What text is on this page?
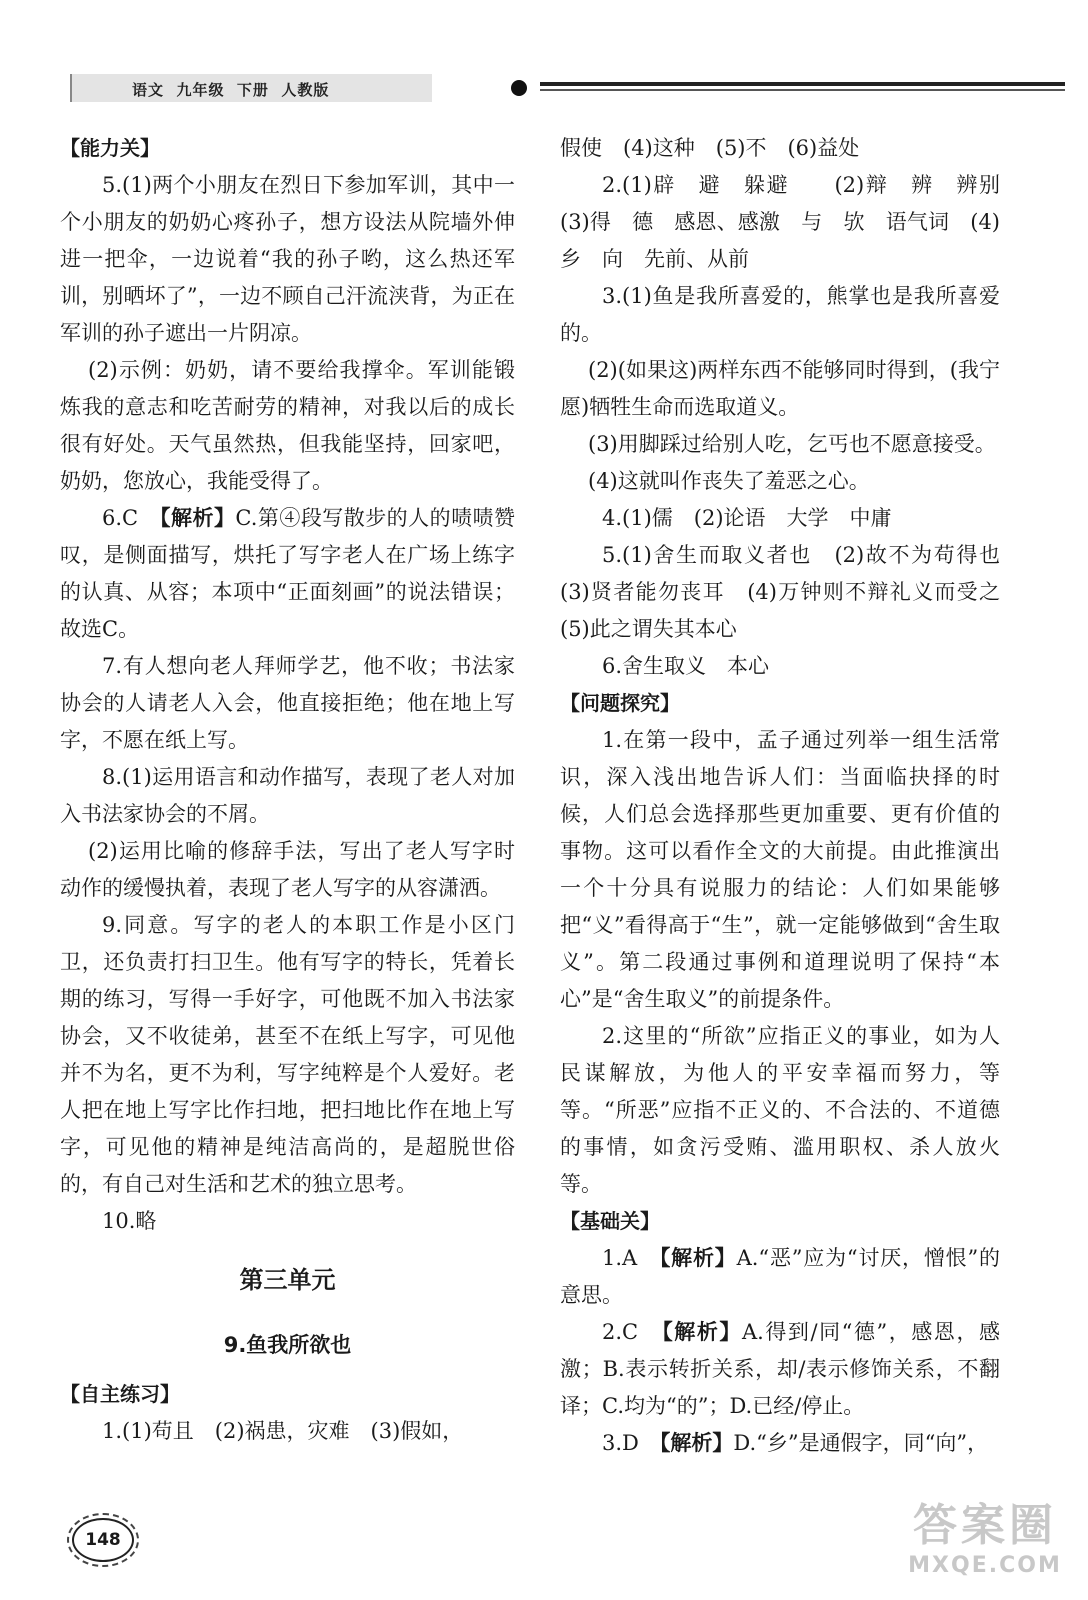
语文  九年级  下册  人教版

【能力关】

5.(1)两个小朋友在烈日下参加军训，其中一个小朋友的奶奶心疼孙子，想方设法从院墙外伸进一把伞，一边说着“我的孙子哟，这么热还军训，别晒坏了”，一边不顾自己汗流浃背，为正在军训的孙子遮出一片阴凉。

(2)示例：奶奶，请不要给我撑伞。军训能锻炼我的意志和吃苦耐劳的精神，对我以后的成长很有好处。天气虽然热，但我能坚持，回家吧，奶奶，您放心，我能受得了。

6.C　 【解析】C.第④段写散步的人的啧啧赞叹，是侧面描写，烘托了写字老人在广场上练字的认真、从容；本项中“正面刻画”的说法错误；故选C。

7.有人想向老人拜师学艺，他不收；书法家协会的人请老人入会，他直接拒绝；他在地上写字，不愿在纸上写。

8.(1)运用语言和动作描写，表现了老人对加入书法家协会的不屑。

(2)运用比喻的修辞手法，写出了老人写字时动作的缓慢执着，表现了老人写字的从容潇洒。

9.同意。写字的老人的本职工作是小区门卫，还负责打扫卫生。他有写字的特长，凭着长期的练习，写得一手好字，可他既不加入书法家协会，又不收徒弟，甚至不在纸上写字，可见他并不为名，更不为利，写字纯粹是个人爱好。老人把在地上写字比作扫地，把扫地比作在地上写字，可见他的精神是纯洁高尚的，是超脱世俗的，有自己对生活和艺术的独立思考。

10.略

第三单元

9.鱼我所欲也

【自主练习】

1.(1)苟且　(2)祸患，灾难　(3)假如，

假使　(4)这种　(5)不　(6)益处

2.(1)辟　避　躲避　　(2)辩　辨　辨别　(3)得　德　感恩、感激　与　欤　语气词　(4)乡　向　先前、从前

3.(1)鱼是我所喜爱的，熊掌也是我所喜爱的。

(2)(如果这)两样东西不能够同时得到，(我宁愿)牺牲生命而选取道义。

(3)用脚踩过给别人吃，乞丐也不愿意接受。

(4)这就叫作丧失了羞恶之心。

4.(1)儒　(2)论语　大学　中庸

5.(1)舍生而取义者也　(2)故不为苟得也　(3)贤者能勿丧耳　(4)万钟则不辩礼义而受之　(5)此之谓失其本心

6.舍生取义　本心

【问题探究】

1.在第一段中，孟子通过列举一组生活常识，深入浅出地告诉人们：当面临抉择的时候，人们总会选择那些更加重要、更有价值的事物。这可以看作全文的大前提。由此推演出一个十分具有说服力的结论：人们如果能够把“义”看得高于“生”，就一定能够做到“舍生取义”。第二段通过事例和道理说明了保持“本心”是“舍生取义”的前提条件。

2.这里的“所欲”应指正义的事业，如为人民谋解放，为他人的平安幸福而努力，等等。“所恶”应指不正义的、不合法的、不道德的事情，如贪污受贿、滥用职权、杀人放火等。

【基础关】

1.A　 【解析】A.“恶”应为“讨厌，憎恨”的意思。

2.C　 【解析】A.得到/同“德”，感恩，感激；B.表示转折关系，却/表示修饰关系，不翻译；C.均为“的”；D.已经/停止。

3.D　 【解析】D.“乡”是通假字，同“向”，

148	答案圈
MXQE.COM
